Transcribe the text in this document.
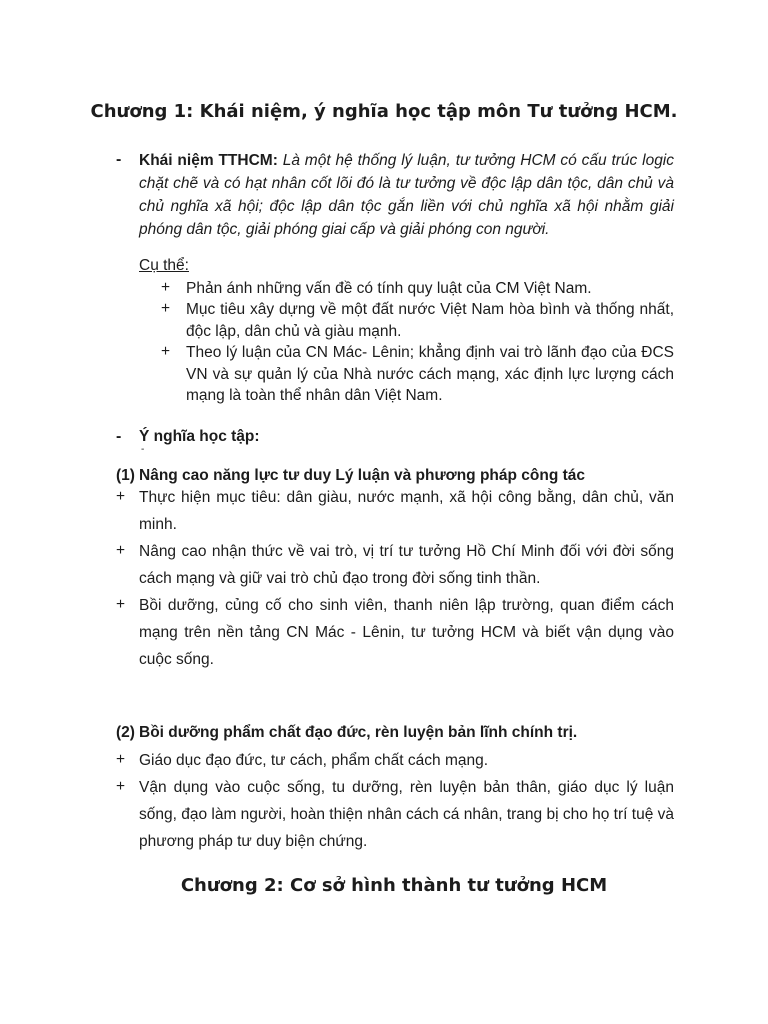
Chương 1: Khái niệm, ý nghĩa học tập môn Tư tưởng HCM.
- Khái niệm TTHCM: Là một hệ thống lý luận, tư tưởng HCM có cấu trúc logic chặt chẽ và có hạt nhân cốt lõi đó là tư tưởng về độc lập dân tộc, dân chủ và chủ nghĩa xã hội; độc lập dân tộc gắn liền với chủ nghĩa xã hội nhằm giải phóng dân tộc, giải phóng giai cấp và giải phóng con người.
Cụ thể:
+ Phản ánh những vấn đề có tính quy luật của CM Việt Nam.
+ Mục tiêu xây dựng về một đất nước Việt Nam hòa bình và thống nhất, độc lập, dân chủ và giàu mạnh.
+ Theo lý luận của CN Mác- Lênin; khẳng định vai trò lãnh đạo của ĐCS VN và sự quản lý của Nhà nước cách mạng, xác định lực lượng cách mạng là toàn thể nhân dân Việt Nam.
- Ý nghĩa học tập:
-
(1) Nâng cao năng lực tư duy Lý luận và phương pháp công tác
+ Thực hiện mục tiêu: dân giàu, nước mạnh, xã hội công bằng, dân chủ, văn minh.
+ Nâng cao nhận thức về vai trò, vị trí tư tưởng Hồ Chí Minh đối với đời sống cách mạng và giữ vai trò chủ đạo trong đời sống tinh thần.
+ Bồi dưỡng, củng cố cho sinh viên, thanh niên lập trường, quan điểm cách mạng trên nền tảng CN Mác - Lênin, tư tưởng HCM và biết vận dụng vào cuộc sống.
(2) Bồi dưỡng phẩm chất đạo đức, rèn luyện bản lĩnh chính trị.
+ Giáo dục đạo đức, tư cách, phẩm chất cách mạng.
+ Vận dụng vào cuộc sống, tu dưỡng, rèn luyện bản thân, giáo dục lý luận sống, đạo làm người, hoàn thiện nhân cách cá nhân, trang bị cho họ trí tuệ và phương pháp tư duy biện chứng.
Chương 2: Cơ sở hình thành tư tưởng HCM
